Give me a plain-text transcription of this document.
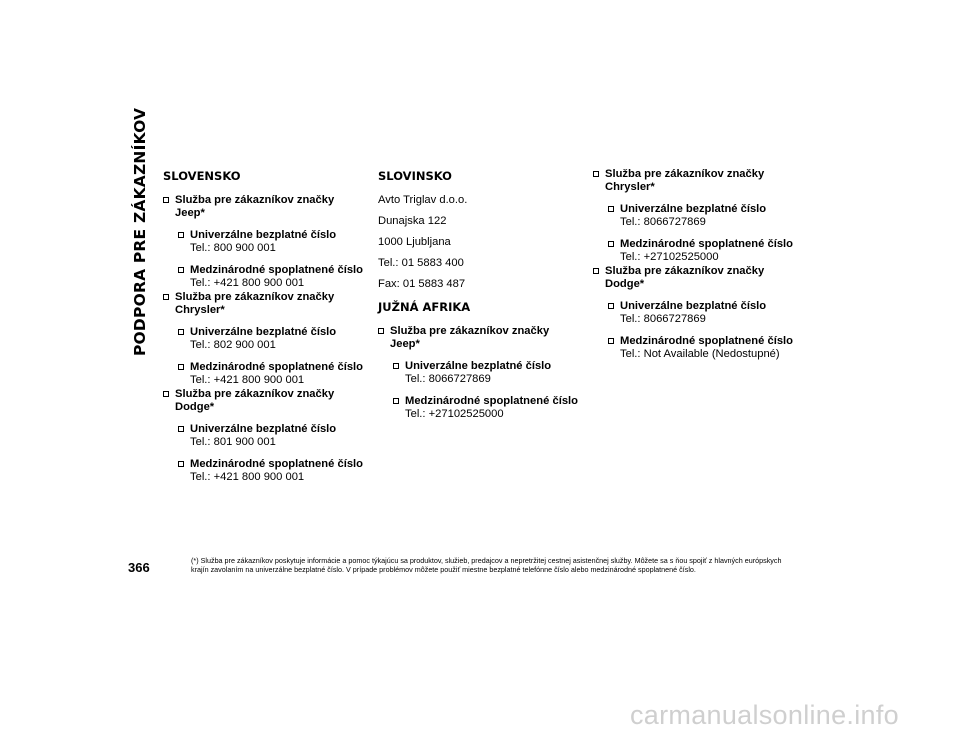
PODPORA PRE ZÁKAZNÍKOV SLOVENSKO
Služba pre zákazníkov značky Jeep*
Univerzálne bezplatné číslo
Tel.: 800 900 001
Medzinárodné spoplatnené číslo
Tel.: +421 800 900 001
Služba pre zákazníkov značky Chrysler*
Univerzálne bezplatné číslo
Tel.: 802 900 001
Medzinárodné spoplatnené číslo
Tel.: +421 800 900 001
Služba pre zákazníkov značky Dodge*
Univerzálne bezplatné číslo
Tel.: 801 900 001
Medzinárodné spoplatnené číslo
Tel.: +421 800 900 001
SLOVINSKO
Avto Triglav d.o.o.
Dunajska 122
1000 Ljubljana
Tel.: 01 5883 400
Fax: 01 5883 487
JUŽNÁ AFRIKA
Služba pre zákazníkov značky Jeep*
Univerzálne bezplatné číslo
Tel.: 8066727869
Medzinárodné spoplatnené číslo
Tel.: +27102525000
Služba pre zákazníkov značky Chrysler*
Univerzálne bezplatné číslo
Tel.: 8066727869
Medzinárodné spoplatnené číslo
Tel.: +27102525000
Služba pre zákazníkov značky Dodge*
Univerzálne bezplatné číslo
Tel.: 8066727869
Medzinárodné spoplatnené číslo
Tel.: Not Available (Nedostupné)
366	(*) Služba pre zákazníkov poskytuje informácie a pomoc týkajúcu sa produktov, služieb, predajcov a nepretržitej cestnej asistenčnej služby. Môžete sa s ňou spojiť z hlavných európskych krajín zavolaním na univerzálne bezplatné číslo. V prípade problémov môžete použiť miestne bezplatné telefónne číslo alebo medzinárodné spoplatnené číslo.
carmanualsonline.info
